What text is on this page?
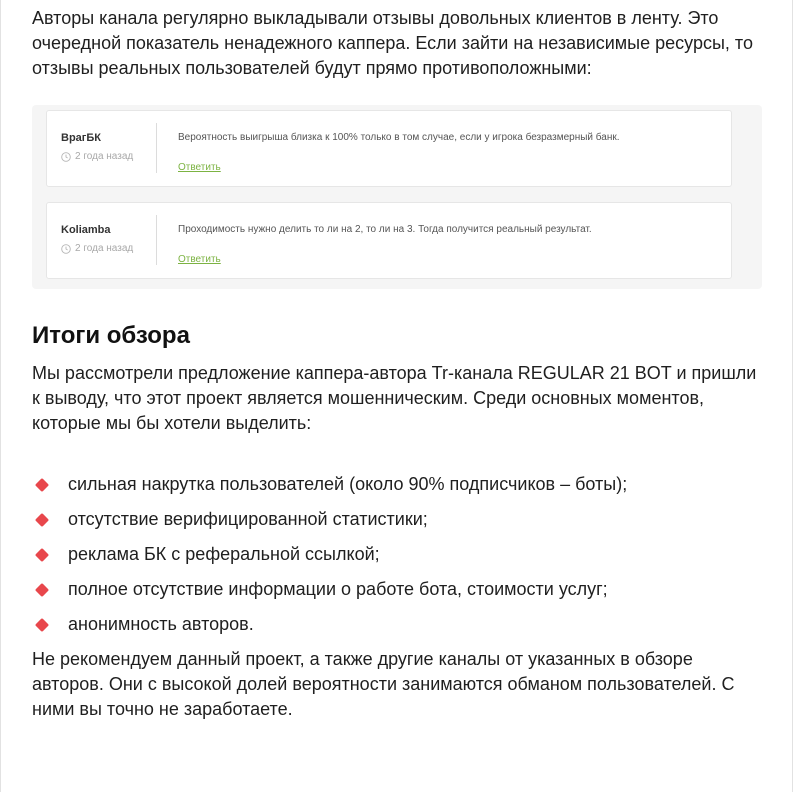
Авторы канала регулярно выкладывали отзывы довольных клиентов в ленту. Это очередной показатель ненадежного каппера. Если зайти на независимые ресурсы, то отзывы реальных пользователей будут прямо противоположными:

ВрагБК
2 года назад
Вероятность выигрыша близка к 100% только в том случае, если у игрока безразмерный банк.
Ответить
Koliamba
2 года назад
Проходимость нужно делить то ли на 2, то ли на 3. Тогда получится реальный результат.
Ответить
Итоги обзора

Мы рассмотрели предложение каппера-автора Tr-канала REGULAR 21 BOT и пришли к выводу, что этот проект является мошенническим. Среди основных моментов, которые мы бы хотели выделить:

сильная накрутка пользователей (около 90% подписчиков – боты);
отсутствие верифицированной статистики;
реклама БК с реферальной ссылкой;
полное отсутствие информации о работе бота, стоимости услуг;
анонимность авторов.

Не рекомендуем данный проект, а также другие каналы от указанных в обзоре авторов. Они с высокой долей вероятности занимаются обманом пользователей. С ними вы точно не заработаете.
